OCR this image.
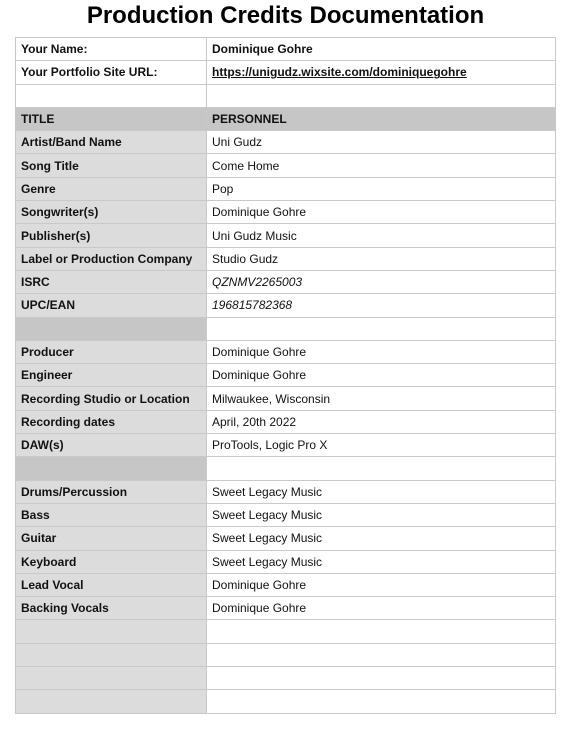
Production Credits Documentation
Your Name:	Dominique Gohre
Your Portfolio Site URL:	https://unigudz.wixsite.com/dominiquegohre

TITLE	PERSONNEL
Artist/Band Name	Uni Gudz
Song Title	Come Home
Genre	Pop
Songwriter(s)	Dominique Gohre
Publisher(s)	Uni Gudz Music
Label or Production Company	Studio Gudz
ISRC	QZNMV2265003
UPC/EAN	196815782368

Producer	Dominique Gohre
Engineer	Dominique Gohre
Recording Studio or Location	Milwaukee, Wisconsin
Recording dates	April, 20th 2022
DAW(s)	ProTools, Logic Pro X

Drums/Percussion	Sweet Legacy Music
Bass	Sweet Legacy Music
Guitar	Sweet Legacy Music
Keyboard	Sweet Legacy Music
Lead Vocal	Dominique Gohre
Backing Vocals	Dominique Gohre
